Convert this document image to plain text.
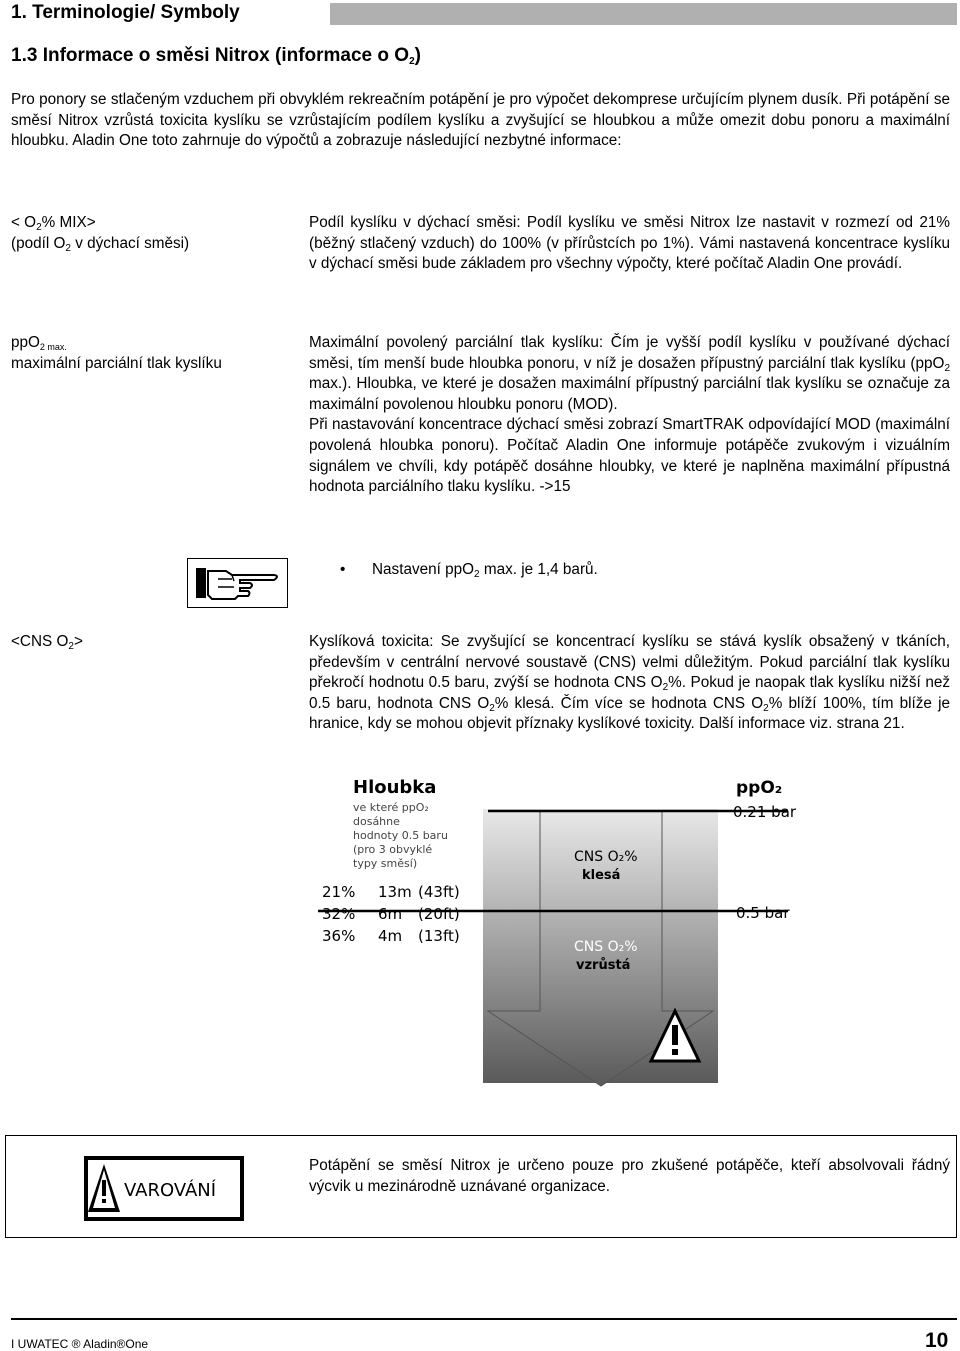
1. Terminologie/ Symboly
1.3 Informace o směsi Nitrox (informace o $O_2$)
Pro ponory se stlačeným vzduchem při obvyklém rekreačním potápění je pro výpočet dekomprese určujícím plynem dusík. Při potápění se směsí Nitrox vzrůstá toxicita kyslíku se vzrůstajícím podílem kyslíku a zvyšující se hloubkou a může omezit dobu ponoru a maximální hloubku. Aladin One toto zahrnuje do výpočtů a zobrazuje následující nezbytné informace:
< $O_2\%$ MIX>
(podíl $O_2$ v dýchací směsi)
Podíl kyslíku v dýchací směsi: Podíl kyslíku ve směsi Nitrox lze nastavit v rozmezí od 21% (běžný stlačený vzduch) do 100% (v přírůstcích po 1%). Vámi nastavená koncentrace kyslíku v dýchací směsi bude základem pro všechny výpočty, které počítač Aladin One provádí.
ppO$_{2 max.}$
maximální parciální tlak kyslíku
Maximální povolený parciální tlak kyslíku: Čím je vyšší podíl kyslíku v používané dýchací směsi, tím menší bude hloubka ponoru, v níž je dosažen přípustný parciální tlak kyslíku (ppO$_2$ max.). Hloubka, ve které je dosažen maximální přípustný parciální tlak kyslíku se označuje za maximální povolenou hloubku ponoru (MOD).
Při nastavování koncentrace dýchací směsi zobrazí SmartTRAK odpovídající MOD (maximální povolená hloubka ponoru). Počítač Aladin One informuje potápěče zvukovým i vizuálním signálem ve chvíli, kdy potápěč dosáhne hloubky, ve které je naplněna maximální přípustná hodnota parciálního tlaku kyslíku. ->15
• Nastavení ppO$_2$ max. je 1,4 barů.
<CNS $O_2>$	Kyslíková toxicita: Se zvyšující se koncentrací kyslíku se stává kyslík obsažený v tkáních, především v centrální nervové soustavě (CNS) velmi důležitým. Pokud parciální tlak kyslíku překročí hodnotu 0.5 baru, zvýší se hodnota CNS $O_2\%$. Pokud je naopak tlak kyslíku nižší než 0.5 baru, hodnota CNS $O_2\%$ klesá. Čím více se hodnota CNS $O_2\%$ blíží 100%, tím blíže je hranice, kdy se mohou objevit příznaky kyslíkové toxicity. Další informace viz. strana 21.
Hloubka
ve které ppO₂
dosáhne
hodnoty 0.5 baru
(pro 3 obvyklé
typy směsí)
ppO₂
0.21 bar
0.5 bar
CNS O₂%
klesá
CNS O₂%
vzrůstá
21% 13m (43ft)
32% 6m (20ft)
36% 4m (13ft)
VAROVÁNÍ
Potápění se směsí Nitrox je určeno pouze pro zkušené potápěče, kteří absolvovali řádný výcvik u mezinárodně uznávané organizace.
I UWATEC ® Aladin®One	10
